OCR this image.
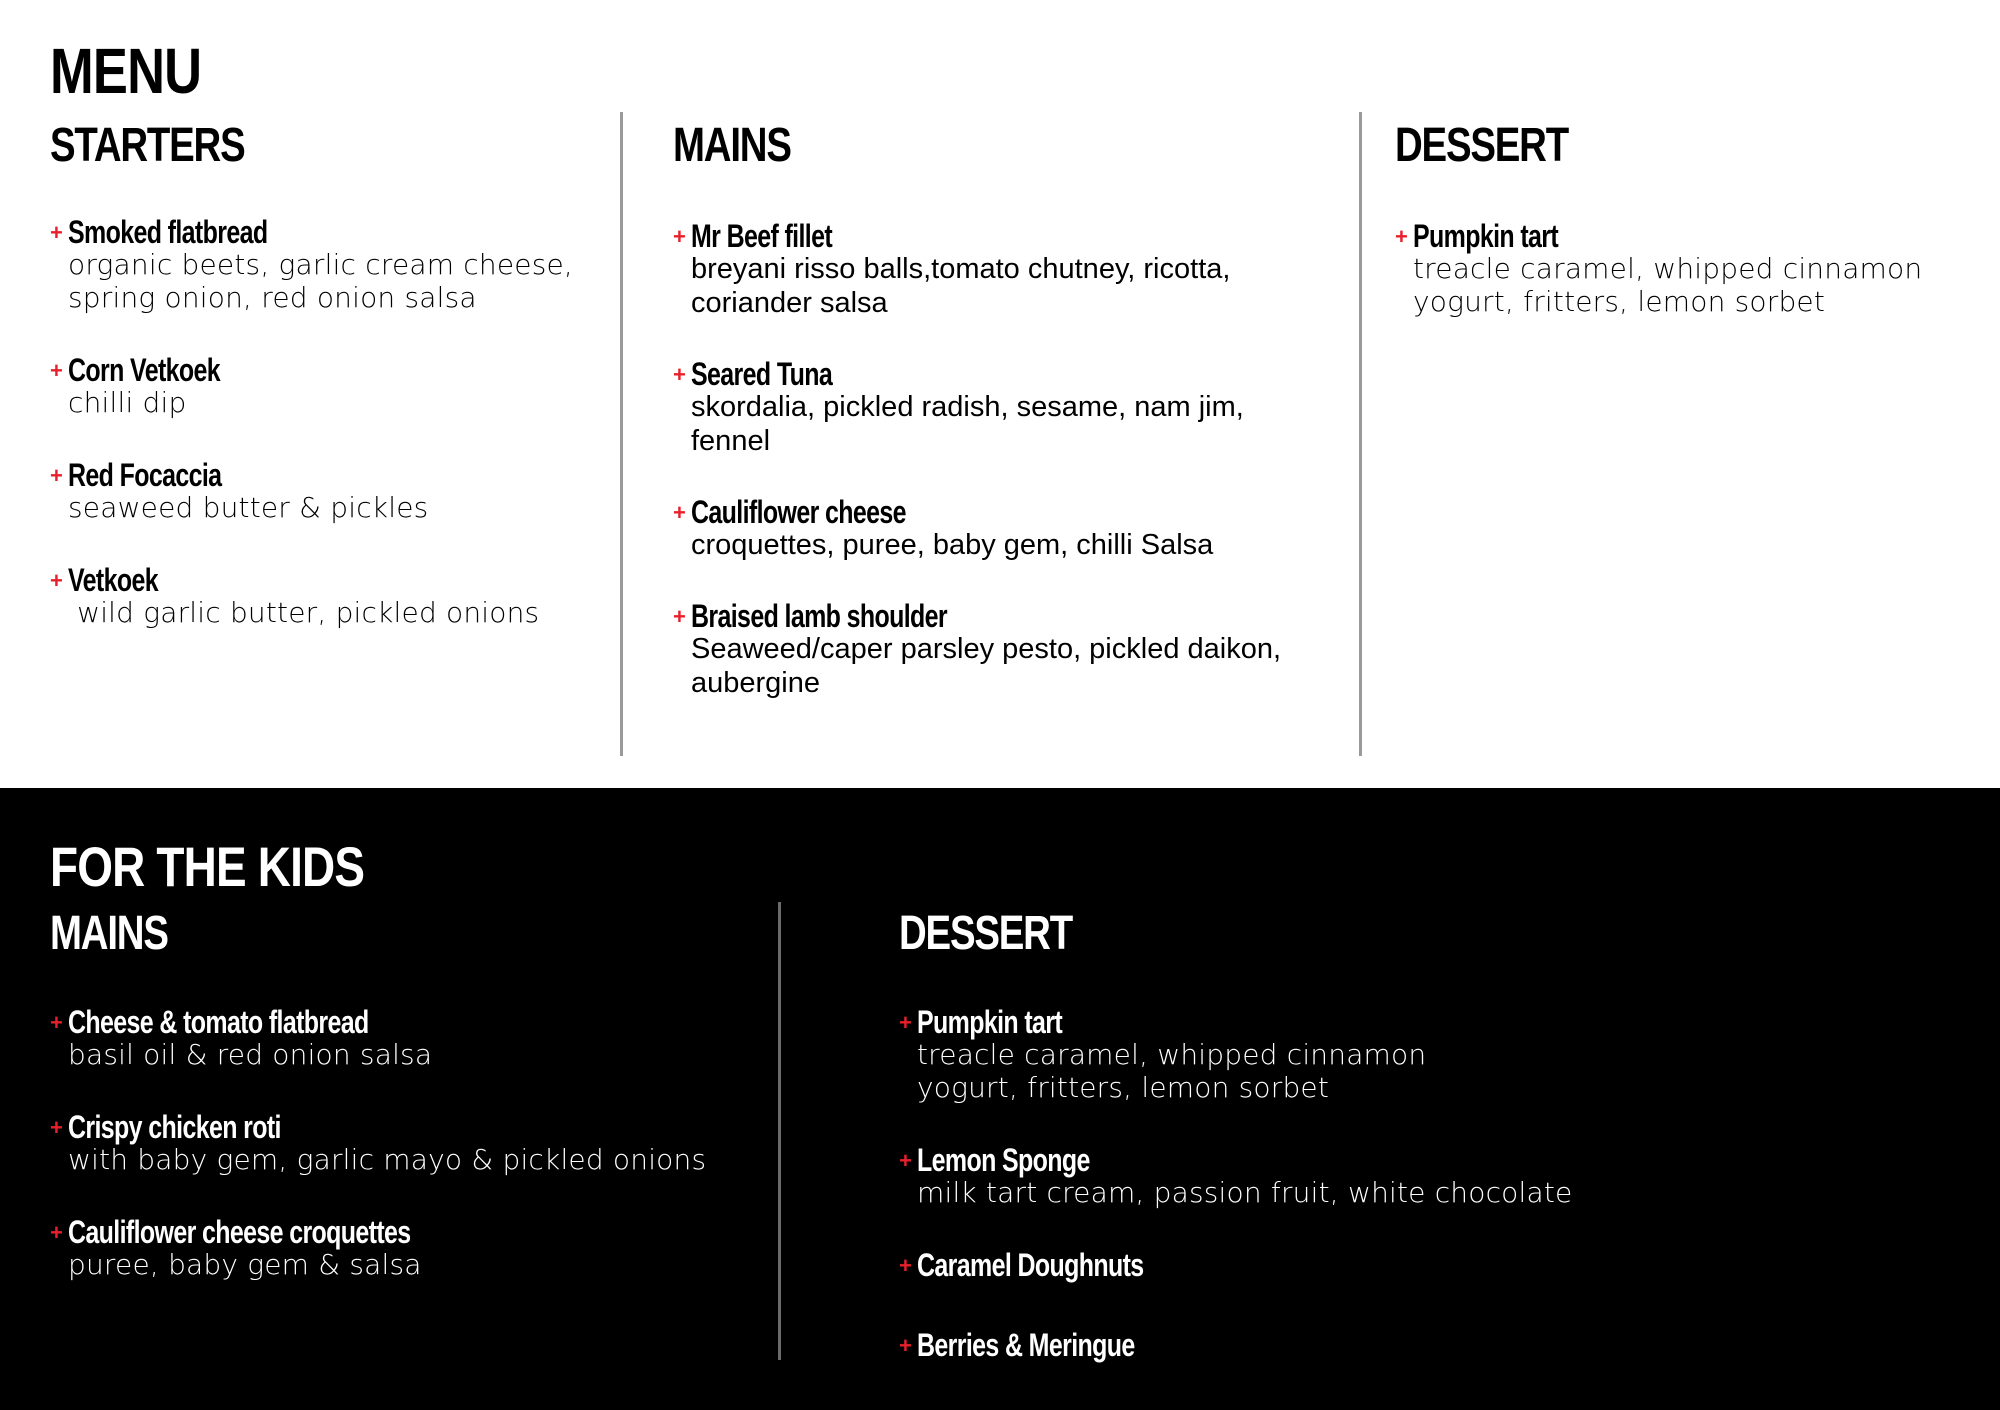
MENU
STARTERS
+ Smoked flatbread
organic beets, garlic cream cheese, spring onion, red onion salsa
+ Corn Vetkoek
chilli dip
+ Red Focaccia
seaweed butter & pickles
+ Vetkoek
wild garlic butter, pickled onions
MAINS
+ Mr Beef fillet
breyani risso balls,tomato chutney, ricotta, coriander salsa
+ Seared Tuna
skordalia, pickled radish, sesame, nam jim, fennel
+ Cauliflower cheese
croquettes, puree, baby gem, chilli Salsa
+ Braised lamb shoulder
Seaweed/caper parsley pesto, pickled daikon, aubergine
DESSERT
+ Pumpkin tart
treacle caramel, whipped cinnamon yogurt, fritters, lemon sorbet
FOR THE KIDS
MAINS
+ Cheese & tomato flatbread
basil oil & red onion salsa
+ Crispy chicken roti
with baby gem, garlic mayo & pickled onions
+ Cauliflower cheese croquettes
puree, baby gem & salsa
DESSERT
+ Pumpkin tart
treacle caramel, whipped cinnamon yogurt, fritters, lemon sorbet
+ Lemon Sponge
milk tart cream, passion fruit, white chocolate
+ Caramel Doughnuts
+ Berries & Meringue
